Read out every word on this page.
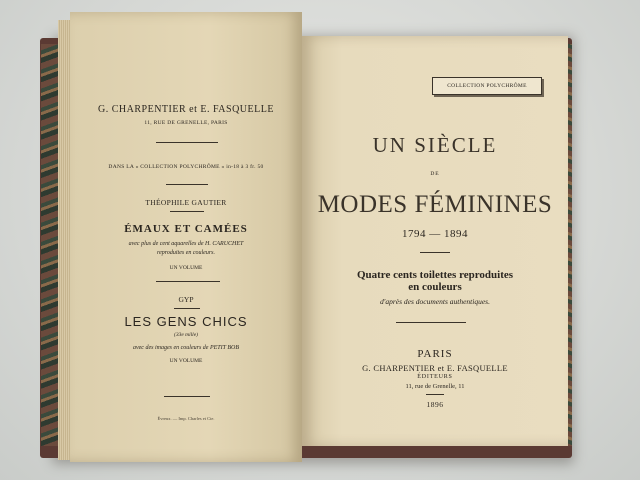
G. CHARPENTIER et E. FASQUELLE
11, RUE DE GRENELLE, PARIS
DANS LA « COLLECTION POLYCHRÔME » in-18 à 3 fr. 50
THÉOPHILE GAUTIER
ÉMAUX ET CAMÉES
avec plus de cent aquarelles de H. CARUCHET
reproduites en couleurs.
UN VOLUME
GYP
LES GENS CHICS
(33e mille)
avec des images en couleurs de PETIT BOB
UN VOLUME
Évreux. — Imp. Charles et Cie.
COLLECTION POLYCHRÔME
UN SIÈCLE
DE
MODES FÉMININES
1794 — 1894
Quatre cents toilettes reproduites
en couleurs
d'après des documents authentiques.
PARIS
G. CHARPENTIER et E. FASQUELLE
ÉDITEURS
11, rue de Grenelle, 11
1896
